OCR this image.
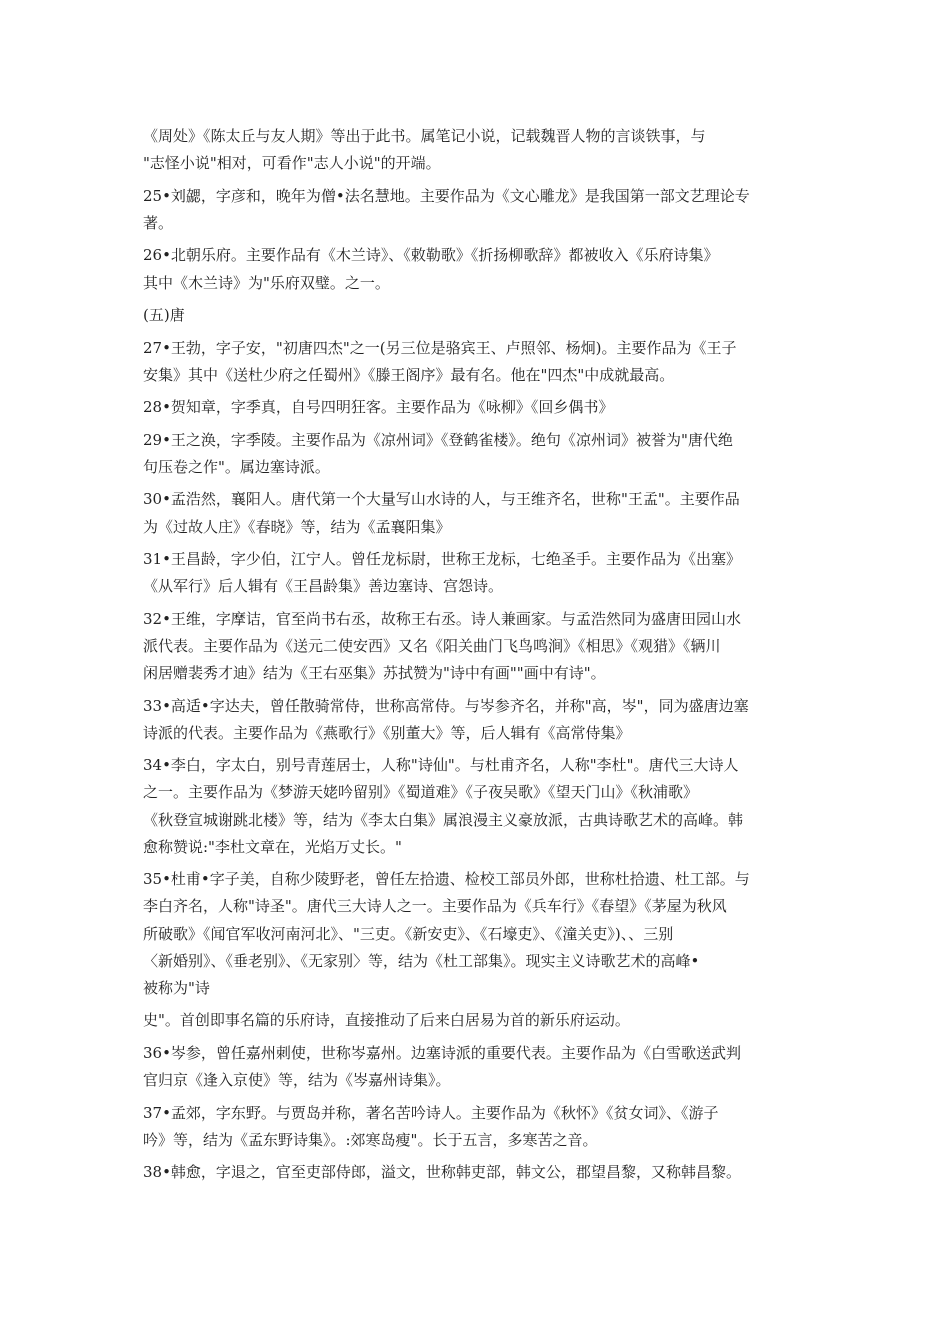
《周处》《陈太丘与友人期》等出于此书。属笔记小说，记载魏晋人物的言谈铁事，与
"志怪小说"相对，可看作"志人小说"的开端。
25•刘勰，字彦和，晚年为僧•法名慧地。主要作品为《文心雕龙》是我国第一部文艺理论专
著。
26•北朝乐府。主要作品有《木兰诗》、《敕勒歌》《折扬柳歌辞》都被收入《乐府诗集》
其中《木兰诗》为"乐府双璧。之一。
(五)唐
27•王勃，字子安，"初唐四杰"之一(另三位是骆宾王、卢照邻、杨炯)。主要作品为《王子
安集》其中《送杜少府之任蜀州》《滕王阁序》最有名。他在"四杰"中成就最高。
28•贺知章，字季真，自号四明狂客。主要作品为《咏柳》《回乡偶书》
29•王之涣，字季陵。主要作品为《凉州词》《登鹤雀楼》。绝句《凉州词》被誉为"唐代绝
句压卷之作"。属边塞诗派。
30•孟浩然，襄阳人。唐代第一个大量写山水诗的人，与王维齐名，世称"王孟"。主要作品
为《过故人庄》《春晓》等，结为《孟襄阳集》
31•王昌龄，字少伯，江宁人。曾任龙标尉，世称王龙标，七绝圣手。主要作品为《出塞》
《从军行》后人辑有《王昌龄集》善边塞诗、宫怨诗。
32•王维，字摩诘，官至尚书右丞，故称王右丞。诗人兼画家。与孟浩然同为盛唐田园山水
派代表。主要作品为《送元二使安西》又名《阳关曲门飞鸟鸣涧》《相思》《观猎》《辆川
闲居赠裴秀才迪》结为《王右巫集》苏拭赞为"诗中有画""画中有诗"。
33•高适•字达夫，曾任散骑常侍，世称高常侍。与岑参齐名，并称"高，岑"，同为盛唐边塞
诗派的代表。主要作品为《燕歌行》《别董大》等，后人辑有《高常侍集》
34•李白，字太白，别号青莲居士，人称"诗仙"。与杜甫齐名，人称"李杜"。唐代三大诗人
之一。主要作品为《梦游天姥吟留别》《蜀道难》《子夜吴歌》《望天门山》《秋浦歌》
《秋登宣城谢跳北楼》等，结为《李太白集》属浪漫主义豪放派，古典诗歌艺术的高峰。韩
愈称赞说:"李杜文章在，光焰万丈长。"
35•杜甫•字子美，自称少陵野老，曾任左拾遗、检校工部员外郎，世称杜拾遗、杜工部。与
李白齐名，人称"诗圣"。唐代三大诗人之一。主要作品为《兵车行》《春望》《茅屋为秋风
所破歌》《闻官军收河南河北》、"三吏。《新安吏》、《石壕吏》、《潼关吏》)、、三别
〈新婚别》、《垂老别》、《无家别〉等，结为《杜工部集》。现实主义诗歌艺术的高峰•
被称为"诗
史"。首创即事名篇的乐府诗，直接推动了后来白居易为首的新乐府运动。
36•岑参，曾任嘉州刺使，世称岑嘉州。边塞诗派的重要代表。主要作品为《白雪歌送武判
官归京《逢入京使》等，结为《岑嘉州诗集》。
37•孟郊，字东野。与贾岛并称，著名苦吟诗人。主要作品为《秋怀》《贫女词》、《游子
吟》等，结为《孟东野诗集》。:郊寒岛瘦"。长于五言，多寒苦之音。
38•韩愈，字退之，官至吏部侍郎，溢文，世称韩吏部，韩文公，郡望昌黎，又称韩昌黎。
